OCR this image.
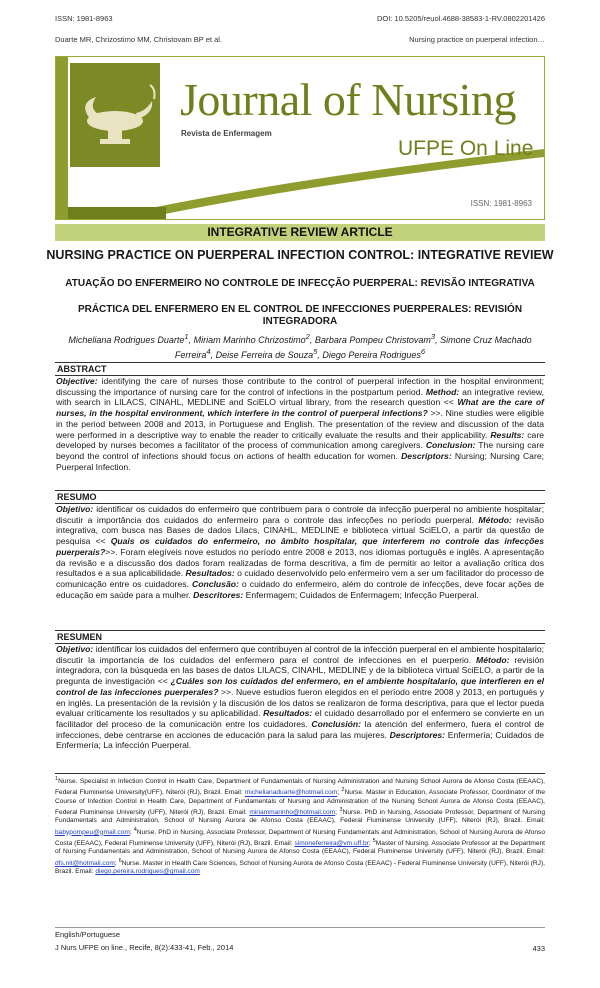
ISSN: 1981-8963	DOI: 10.5205/reuol.4688-38583-1-RV.0802201426
Duarte MR, Chrizostimo MM, Christovam BP et al.	Nursing practice on puerperal infection…
JNUOL
Journal of Nursing
Revista de Enfermagem
UFPE On Line
ISSN: 1981-8963
INTEGRATIVE REVIEW ARTICLE
NURSING PRACTICE ON PUERPERAL INFECTION CONTROL: INTEGRATIVE REVIEW
ATUAÇÃO DO ENFERMEIRO NO CONTROLE DE INFECÇÃO PUERPERAL: REVISÃO INTEGRATIVA
PRÁCTICA DEL ENFERMERO EN EL CONTROL DE INFECCIONES PUERPERALES: REVISIÓN INTEGRADORA
Micheliana Rodrigues Duarte$^1$, Miriam Marinho Chrizostimo$^2$, Barbara Pompeu Christovam$^3$, Simone Cruz Machado Ferreira$^4$, Deise Ferreira de Souza$^5$, Diego Pereira Rodrigues$^6$
ABSTRACT
Objective: identifying the care of nurses those contribute to the control of puerperal infection in the hospital environment; discussing the importance of nursing care for the control of infections in the postpartum period. Method: an integrative review, with search in LILACS, CINAHL, MEDLINE and SciELO virtual library, from the research question << What are the care of nurses, in the hospital environment, which interfere in the control of puerperal infections? >>. Nine studies were eligible in the period between 2008 and 2013, in Portuguese and English. The presentation of the review and discussion of the data were performed in a descriptive way to enable the reader to critically evaluate the results and their applicability. Results: care developed by nurses becomes a facilitator of the process of communication among caregivers. Conclusion: The nursing care beyond the control of infections should focus on actions of health education for women. Descriptors: Nursing; Nursing Care; Puerperal Infection.
RESUMO
Objetivo: identificar os cuidados do enfermeiro que contribuem para o controle da infecção puerperal no ambiente hospitalar; discutir a importância dos cuidados do enfermeiro para o controle das infecções no período puerperal. Método: revisão integrativa, com busca nas Bases de dados Lilacs, CINAHL, MEDLINE e biblioteca virtual SciELO, a partir da questão de pesquisa << Quais os cuidados do enfermeiro, no âmbito hospitalar, que interferem no controle das infecções puerperais?>>. Foram elegíveis nove estudos no período entre 2008 e 2013, nos idiomas português e inglês. A apresentação da revisão e a discussão dos dados foram realizadas de forma descritiva, a fim de permitir ao leitor a avaliação crítica dos resultados e a sua aplicabilidade. Resultados: o cuidado desenvolvido pelo enfermeiro vem a ser um facilitador do processo de comunicação entre os cuidadores. Conclusão: o cuidado do enfermeiro, além do controle de infecções, deve focar ações de educação em saúde para a mulher. Descritores: Enfermagem; Cuidados de Enfermagem; Infecção Puerperal.
RESUMEN
Objetivo: identificar los cuidados del enfermero que contribuyen al control de la infección puerperal en el ambiente hospitalario; discutir la importancia de los cuidados del enfermero para el control de infecciones en el puerperio. Método: revisión integradora, con la búsqueda en las bases de datos LILACS, CINAHL, MEDLINE y de la biblioteca virtual SciELO, a partir de la pregunta de investigación << ¿Cuáles son los cuidados del enfermero, en el ambiente hospitalario, que interfieren en el control de las infecciones puerperales? >>. Nueve estudios fueron elegidos en el período entre 2008 y 2013, en portugués y en inglés. La presentación de la revisión y la discusión de los datos se realizaron de forma descriptiva, para que el lector pueda evaluar críticamente los resultados y su aplicabilidad. Resultados: el cuidado desarrollado por el enfermero se convierte en un facilitador del proceso de la comunicación entre los cuidadores. Conclusión: la atención del enfermero, fuera el control de infecciones, debe centrarse en acciones de educación para la salud para las mujeres. Descriptores: Enfermería; Cuidados de Enfermería; La infección Puerperal.
$^1$Nurse. Specialist in Infection Control in Health Care, Department of Fundamentals of Nursing Administration and Nursing School Aurora de Afonso Costa (EEAAC), Federal Fluminense University(UFF), Niterói (RJ), Brazil. Email: michelianaduarte@hotmail.com; $^2$Nurse. Master in Education, Associate Professor, Coordinator of the Course of Infection Control in Health Care, Department of Fundamentals of Nursing and Administration of the Nursing School Aurora de Afonso Costa (EEAAC), Federal Fluminense University (UFF), Niterói (RJ), Brazil. Email: miriammarinho@hotmail.com; $^3$Nurse. PhD in Nursing, Associate Professor, Department of Nursing Fundamentals and Administration, School of Nursing Aurora de Afonso Costa (EEAAC), Federal Fluminense University (UFF), Niterói (RJ), Brazil. Email: babypompeu@gmail.com; $^4$Nurse. PhD in Nursing, Associate Professor, Department of Nursing Fundamentals and Administration, School of Nursing Aurora de Afonso Costa (EEAAC), Federal Fluminense University (UFF), Niterói (RJ), Brazil. Email: simoneferreira@vm.uff.br; $^5$Master of Nursing. Associate Professor at the Department of Nursing Fundamentals and Administration, School of Nursing Aurora de Afonso Costa (EEAAC), Federal Fluminense University (UFF), Niterói (RJ), Brazil. Email: dfs.nit@hotmail.com; $^6$Nurse. Master in Health Care Sciences, School of Nursing Aurora de Afonso Costa (EEAAC) - Federal Fluminense University (UFF), Niterói (RJ), Brazil. Email: diego.pereira.rodrigues@gmail.com
English/Portuguese
J Nurs UFPE on line., Recife, 8(2):433-41, Feb., 2014	433
